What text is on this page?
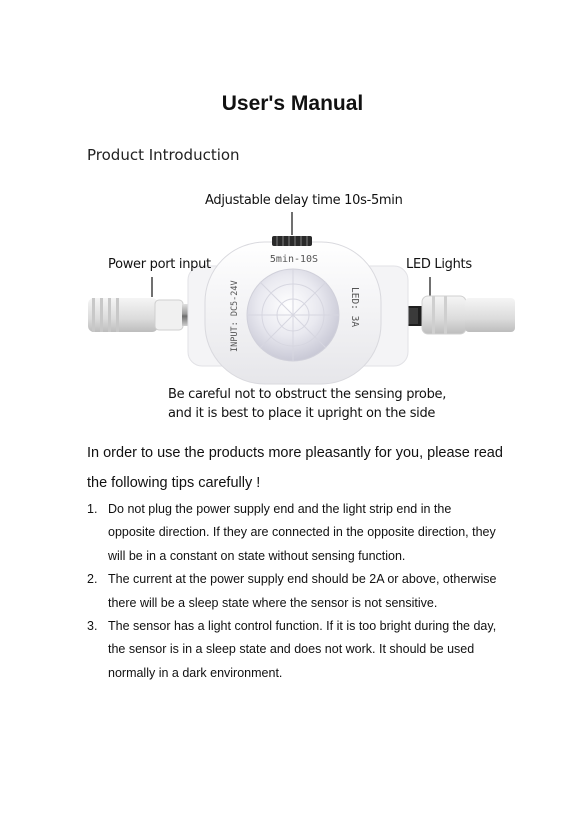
User's Manual
Product Introduction
5min-10S
INPUT: DC5-24V	LED: 3A
Adjustable delay time 10s-5min
Power port input	LED Lights
Be careful not to obstruct the sensing probe,
and it is best to place it upright on the side
In order to use the products more pleasantly for you, please read
the following tips carefully !
1. Do not plug the power supply end and the light strip end in the opposite direction. If they are connected in the opposite direction, they will be in a constant on state without sensing function.
2. The current at the power supply end should be 2A or above, otherwise there will be a sleep state where the sensor is not sensitive.
3. The sensor has a light control function. If it is too bright during the day, the sensor is in a sleep state and does not work. It should be used normally in a dark environment.
